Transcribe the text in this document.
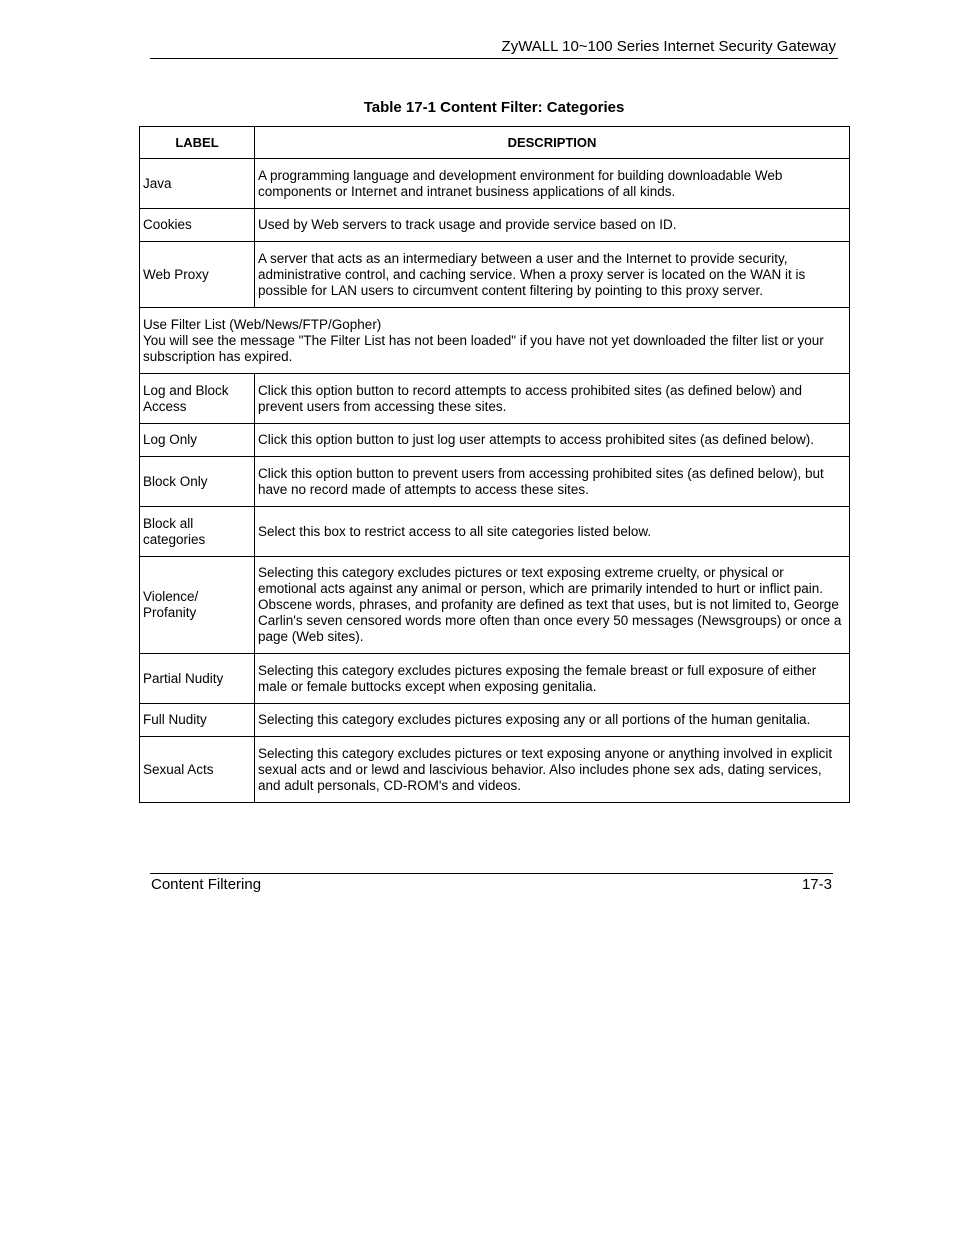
ZyWALL 10~100 Series Internet Security Gateway
Table 17-1 Content Filter: Categories
LABEL	DESCRIPTION
Java	A programming language and development environment for building downloadable Web components or Internet and intranet business applications of all kinds.
Cookies	Used by Web servers to track usage and provide service based on ID.
Web Proxy	A server that acts as an intermediary between a user and the Internet to provide security, administrative control, and caching service. When a proxy server is located on the WAN it is possible for LAN users to circumvent content filtering by pointing to this proxy server.

Use Filter List (Web/News/FTP/Gopher)
You will see the message "The Filter List has not been loaded" if you have not yet downloaded the filter list or your subscription has expired.	

Log and Block Access	Click this option button to record attempts to access prohibited sites (as defined below) and prevent users from accessing these sites.
Log Only	Click this option button to just log user attempts to access prohibited sites (as defined below).
Block Only	Click this option button to prevent users from accessing prohibited sites (as defined below), but have no record made of attempts to access these sites.
Block all categories	Select this box to restrict access to all site categories listed below.
Violence/ Profanity	Selecting this category excludes pictures or text exposing extreme cruelty, or physical or emotional acts against any animal or person, which are primarily intended to hurt or inflict pain. Obscene words, phrases, and profanity are defined as text that uses, but is not limited to, George Carlin's seven censored words more often than once every 50 messages (Newsgroups) or once a page (Web sites).
Partial Nudity	Selecting this category excludes pictures exposing the female breast or full exposure of either male or female buttocks except when exposing genitalia.
Full Nudity	Selecting this category excludes pictures exposing any or all portions of the human genitalia.
Sexual Acts	Selecting this category excludes pictures or text exposing anyone or anything involved in explicit sexual acts and or lewd and lascivious behavior. Also includes phone sex ads, dating services, and adult personals, CD-ROM's and videos.
Content Filtering	17-3
